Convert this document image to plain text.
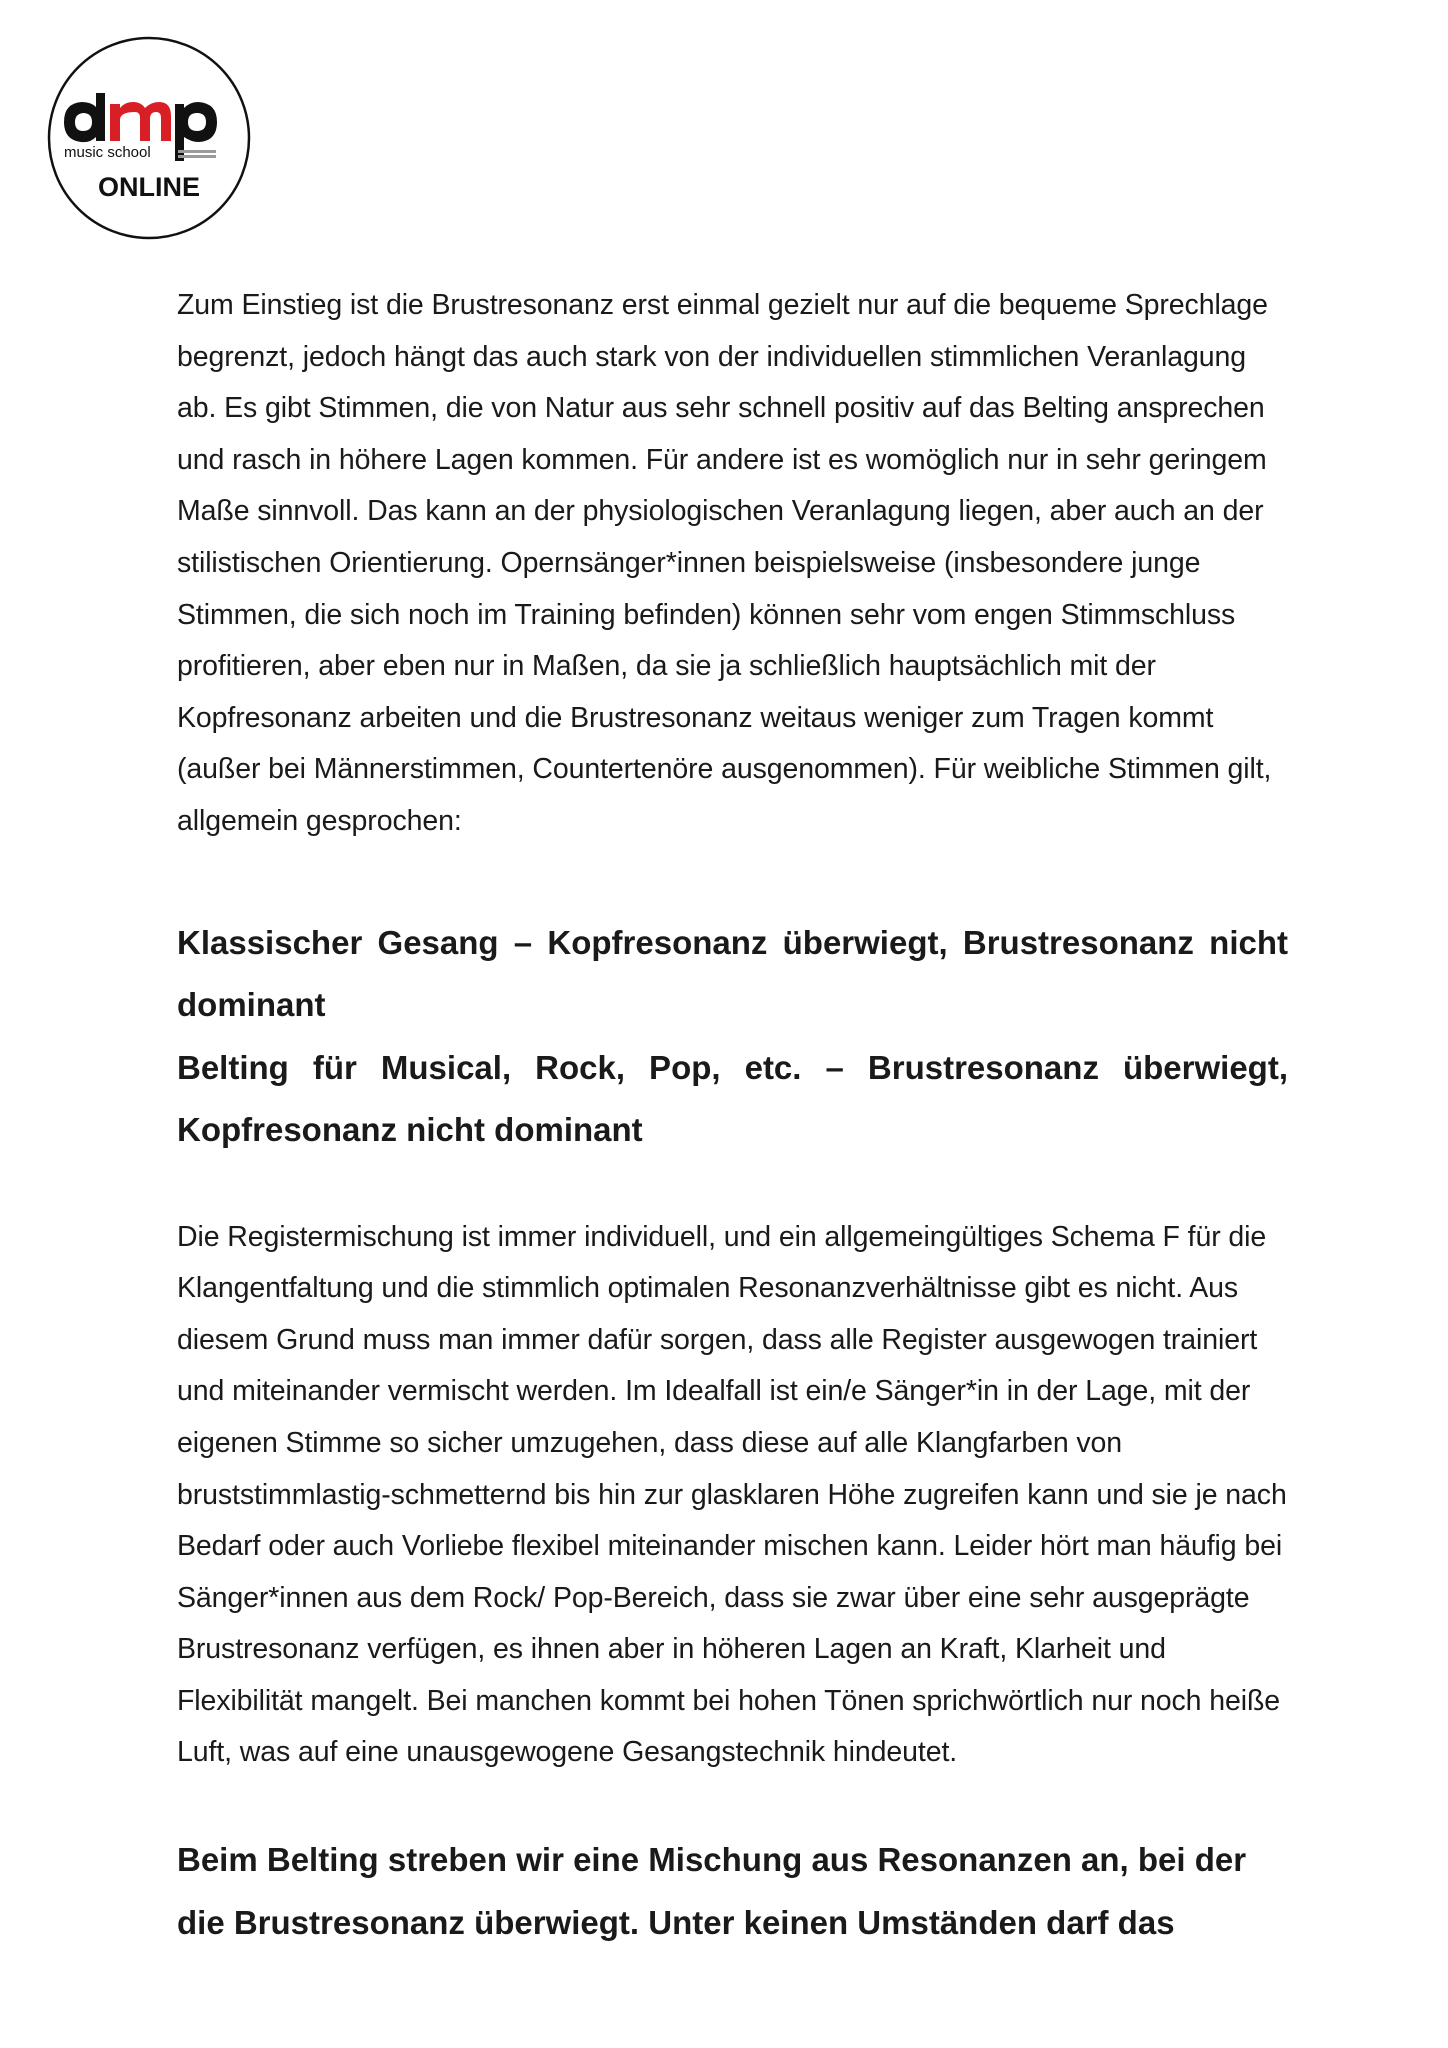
music school
ONLINE

Zum Einstieg ist die Brustresonanz erst einmal gezielt nur auf die bequeme Sprechlage begrenzt, jedoch hängt das auch stark von der individuellen stimmlichen Veranlagung ab. Es gibt Stimmen, die von Natur aus sehr schnell positiv auf das Belting ansprechen und rasch in höhere Lagen kommen. Für andere ist es womöglich nur in sehr geringem Maße sinnvoll. Das kann an der physiologischen Veranlagung liegen, aber auch an der stilistischen Orientierung. Opernsänger*innen beispielsweise (insbesondere junge Stimmen, die sich noch im Training befinden) können sehr vom engen Stimmschluss profitieren, aber eben nur in Maßen, da sie ja schließlich hauptsächlich mit der Kopfresonanz arbeiten und die Brustresonanz weitaus weniger zum Tragen kommt (außer bei Männerstimmen, Countertenöre ausgenommen). Für weibliche Stimmen gilt, allgemein gesprochen:

Klassischer Gesang – Kopfresonanz überwiegt, Brustresonanz nicht dominant

Belting für Musical, Rock, Pop, etc. – Brustresonanz überwiegt, Kopfresonanz nicht dominant

Die Registermischung ist immer individuell, und ein allgemeingültiges Schema F für die Klangentfaltung und die stimmlich optimalen Resonanzverhältnisse gibt es nicht. Aus diesem Grund muss man immer dafür sorgen, dass alle Register ausgewogen trainiert und miteinander vermischt werden. Im Idealfall ist ein/e Sänger*in in der Lage, mit der eigenen Stimme so sicher umzugehen, dass diese auf alle Klangfarben von bruststimmlastig-schmetternd bis hin zur glasklaren Höhe zugreifen kann und sie je nach Bedarf oder auch Vorliebe flexibel miteinander mischen kann. Leider hört man häufig bei Sänger*innen aus dem Rock/ Pop-Bereich, dass sie zwar über eine sehr ausgeprägte Brustresonanz verfügen, es ihnen aber in höheren Lagen an Kraft, Klarheit und Flexibilität mangelt. Bei manchen kommt bei hohen Tönen sprichwörtlich nur noch heiße Luft, was auf eine unausgewogene Gesangstechnik hindeutet.

Beim Belting streben wir eine Mischung aus Resonanzen an, bei der die Brustresonanz überwiegt. Unter keinen Umständen darf das
